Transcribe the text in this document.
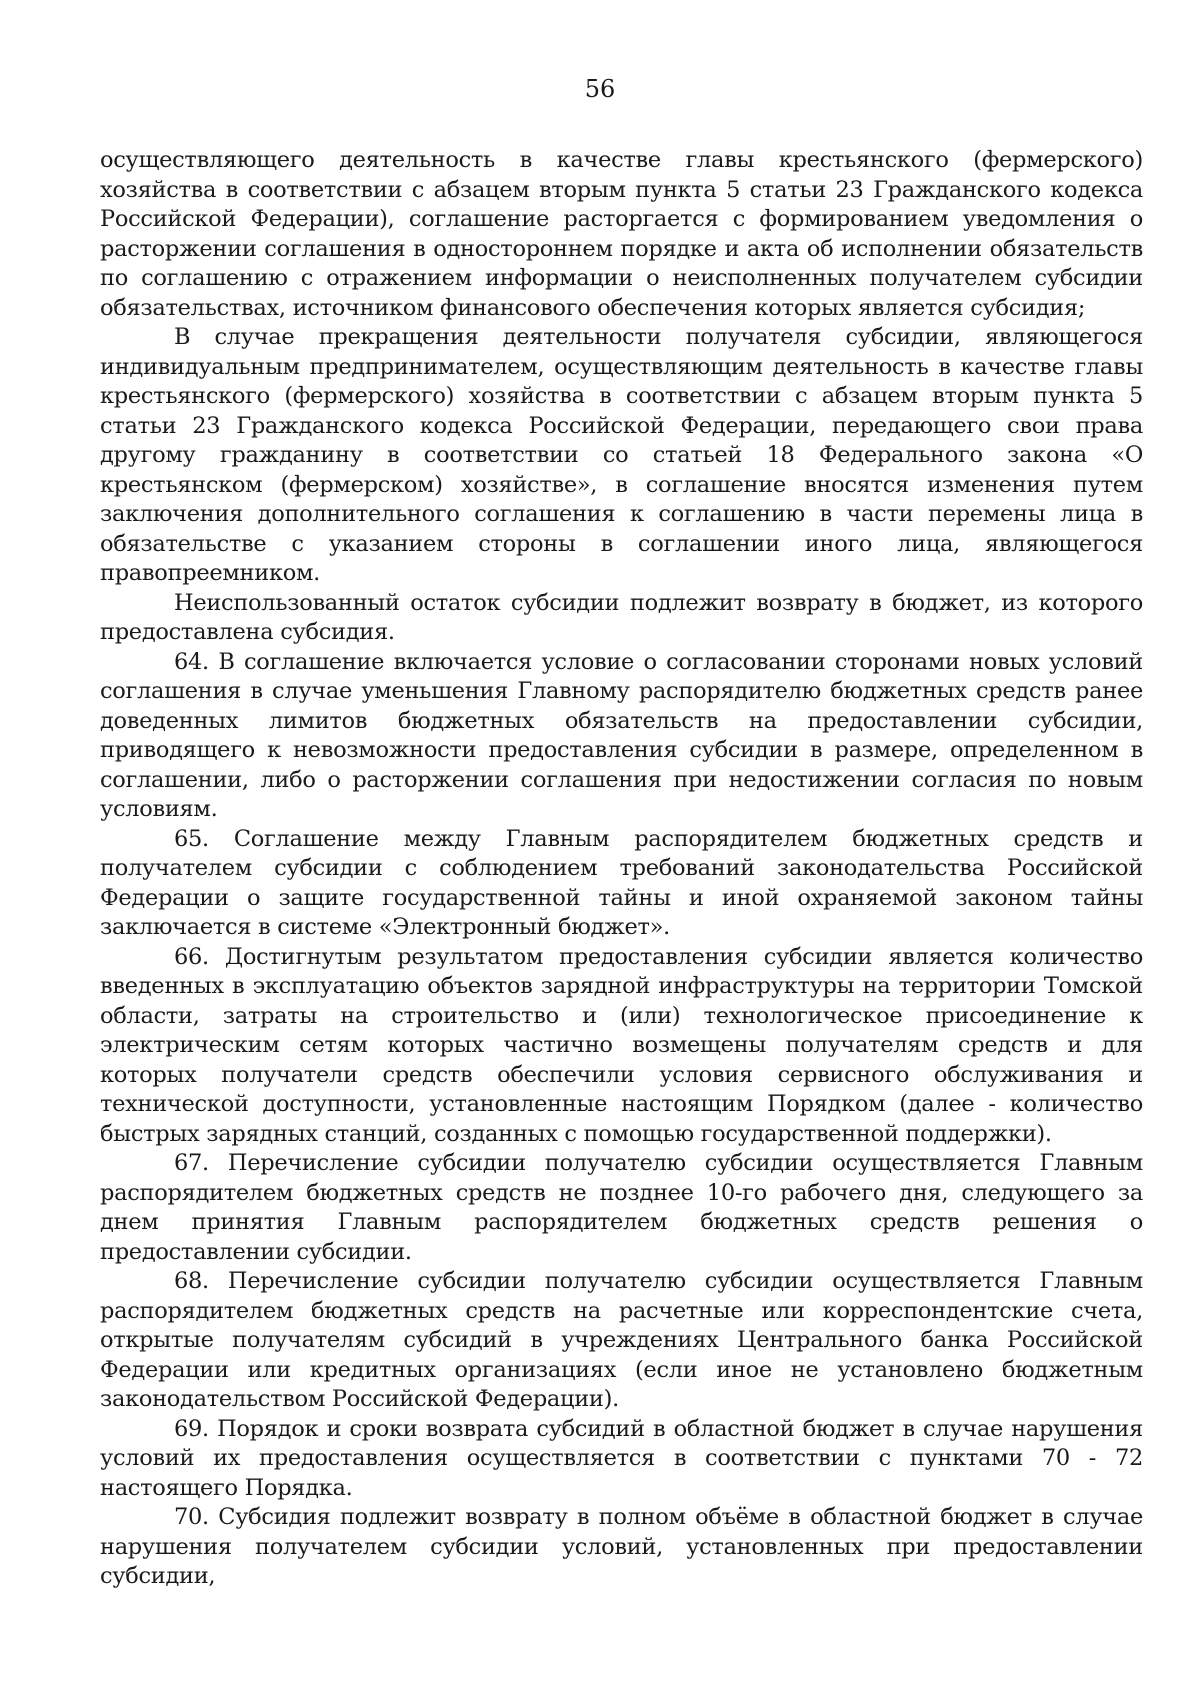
56

осуществляющего деятельность в качестве главы крестьянского (фермерского) хозяйства в соответствии с абзацем вторым пункта 5 статьи 23 Гражданского кодекса Российской Федерации), соглашение расторгается с формированием уведомления о расторжении соглашения в одностороннем порядке и акта об исполнении обязательств по соглашению с отражением информации о неисполненных получателем субсидии обязательствах, источником финансового обеспечения которых является субсидия;

В случае прекращения деятельности получателя субсидии, являющегося индивидуальным предпринимателем, осуществляющим деятельность в качестве главы крестьянского (фермерского) хозяйства в соответствии с абзацем вторым пункта 5 статьи 23 Гражданского кодекса Российской Федерации, передающего свои права другому гражданину в соответствии со статьей 18 Федерального закона «О крестьянском (фермерском) хозяйстве», в соглашение вносятся изменения путем заключения дополнительного соглашения к соглашению в части перемены лица в обязательстве с указанием стороны в соглашении иного лица, являющегося правопреемником.

Неиспользованный остаток субсидии подлежит возврату в бюджет, из которого предоставлена субсидия.

64. В соглашение включается условие о согласовании сторонами новых условий соглашения в случае уменьшения Главному распорядителю бюджетных средств ранее доведенных лимитов бюджетных обязательств на предоставлении субсидии, приводящего к невозможности предоставления субсидии в размере, определенном в соглашении, либо о расторжении соглашения при недостижении согласия по новым условиям.

65. Соглашение между Главным распорядителем бюджетных средств и получателем субсидии с соблюдением требований законодательства Российской Федерации о защите государственной тайны и иной охраняемой законом тайны заключается в системе «Электронный бюджет».

66. Достигнутым результатом предоставления субсидии является количество введенных в эксплуатацию объектов зарядной инфраструктуры на территории Томской области, затраты на строительство и (или) технологическое присоединение к электрическим сетям которых частично возмещены получателям средств и для которых получатели средств обеспечили условия сервисного обслуживания и технической доступности, установленные настоящим Порядком (далее - количество быстрых зарядных станций, созданных с помощью государственной поддержки).

67. Перечисление субсидии получателю субсидии осуществляется Главным распорядителем бюджетных средств не позднее 10-го рабочего дня, следующего за днем принятия Главным распорядителем бюджетных средств решения о предоставлении субсидии.

68. Перечисление субсидии получателю субсидии осуществляется Главным распорядителем бюджетных средств на расчетные или корреспондентские счета, открытые получателям субсидий в учреждениях Центрального банка Российской Федерации или кредитных организациях (если иное не установлено бюджетным законодательством Российской Федерации).

69. Порядок и сроки возврата субсидий в областной бюджет в случае нарушения условий их предоставления осуществляется в соответствии с пунктами 70 - 72 настоящего Порядка.

70. Субсидия подлежит возврату в полном объёме в областной бюджет в случае нарушения получателем субсидии условий, установленных при предоставлении субсидии,
